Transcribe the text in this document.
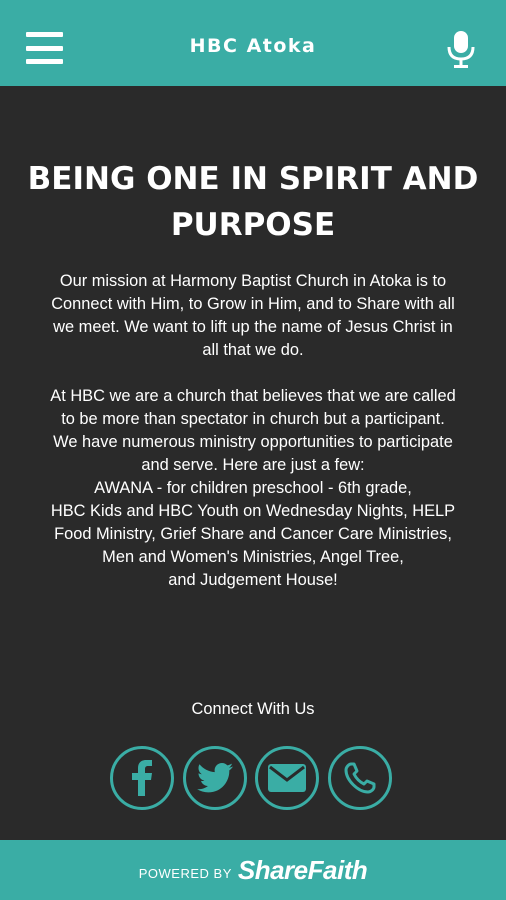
HBC Atoka
BEING ONE IN SPIRIT AND PURPOSE

Our mission at Harmony Baptist Church in Atoka is to
Connect with Him, to Grow in Him, and to Share with all
we meet. We want to lift up the name of Jesus Christ in
all that we do.

At HBC we are a church that believes that we are called
to be more than spectator in church but a participant.
We have numerous ministry opportunities to participate
and serve. Here are just a few:
AWANA - for children preschool - 6th grade,
HBC Kids and HBC Youth on Wednesday Nights, HELP
Food Ministry, Grief Share and Cancer Care Ministries,
Men and Women's Ministries, Angel Tree,
and Judgement House!

Connect With Us
POWERED BY ShareFaith
